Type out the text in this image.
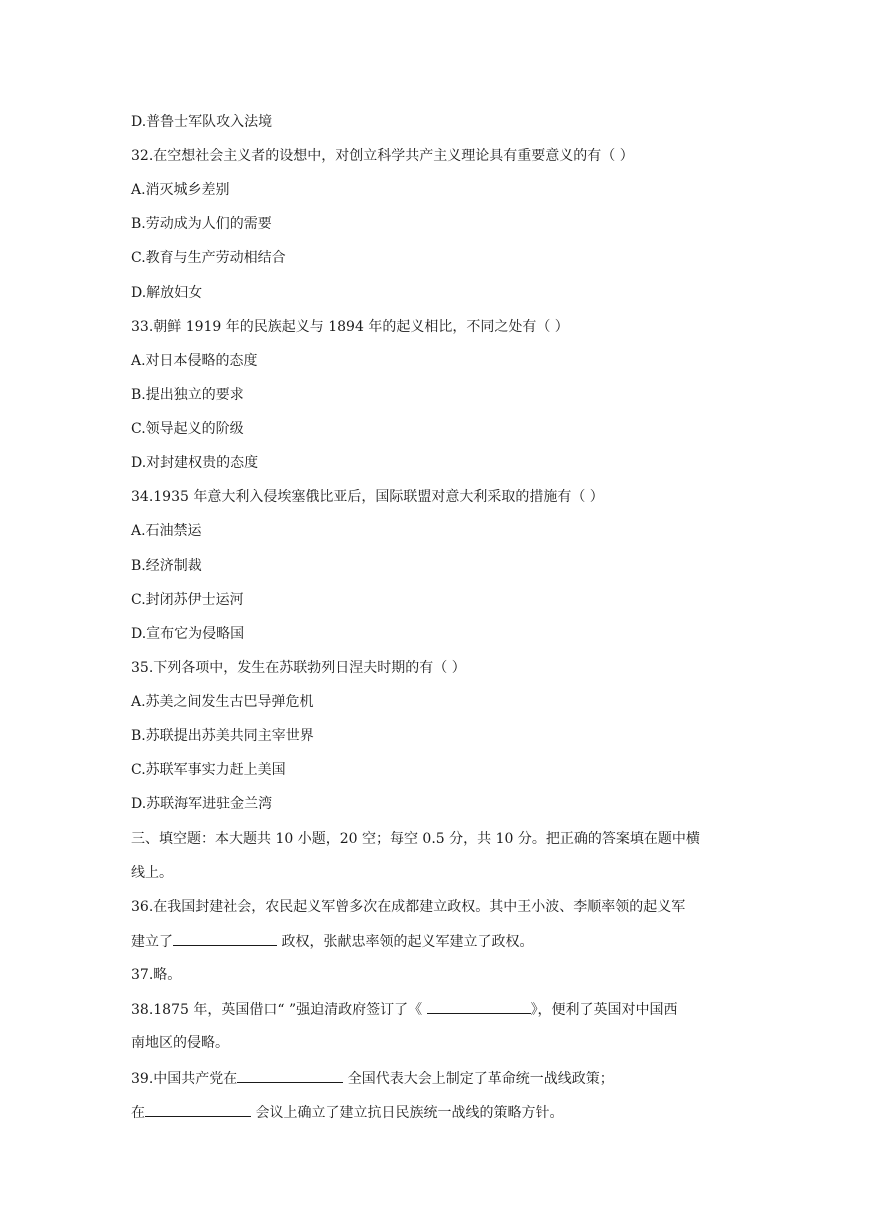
D.普鲁士军队攻入法境
32.在空想社会主义者的设想中，对创立科学共产主义理论具有重要意义的有（ ）
A.消灭城乡差别
B.劳动成为人们的需要
C.教育与生产劳动相结合
D.解放妇女
33.朝鲜 1919 年的民族起义与 1894 年的起义相比，不同之处有（ ）
A.对日本侵略的态度
B.提出独立的要求
C.领导起义的阶级
D.对封建权贵的态度
34.1935 年意大利入侵埃塞俄比亚后，国际联盟对意大利采取的措施有（ ）
A.石油禁运
B.经济制裁
C.封闭苏伊士运河
D.宣布它为侵略国
35.下列各项中，发生在苏联勃列日涅夫时期的有（ ）
A.苏美之间发生古巴导弹危机
B.苏联提出苏美共同主宰世界
C.苏联军事实力赶上美国
D.苏联海军进驻金兰湾
三、填空题：本大题共 10 小题，20 空；每空 0.5 分，共 10 分。把正确的答案填在题中横
线上。
36.在我国封建社会，农民起义军曾多次在成都建立政权。其中王小波、李顺率领的起义军
建立了	政权，张献忠率领的起义军建立了政权。
37.略。
38.1875 年，英国借口“ ”强迫清政府签订了《	》，便利了英国对中国西
南地区的侵略。
39.中国共产党在	全国代表大会上制定了革命统一战线政策；
在	会议上确立了建立抗日民族统一战线的策略方针。
